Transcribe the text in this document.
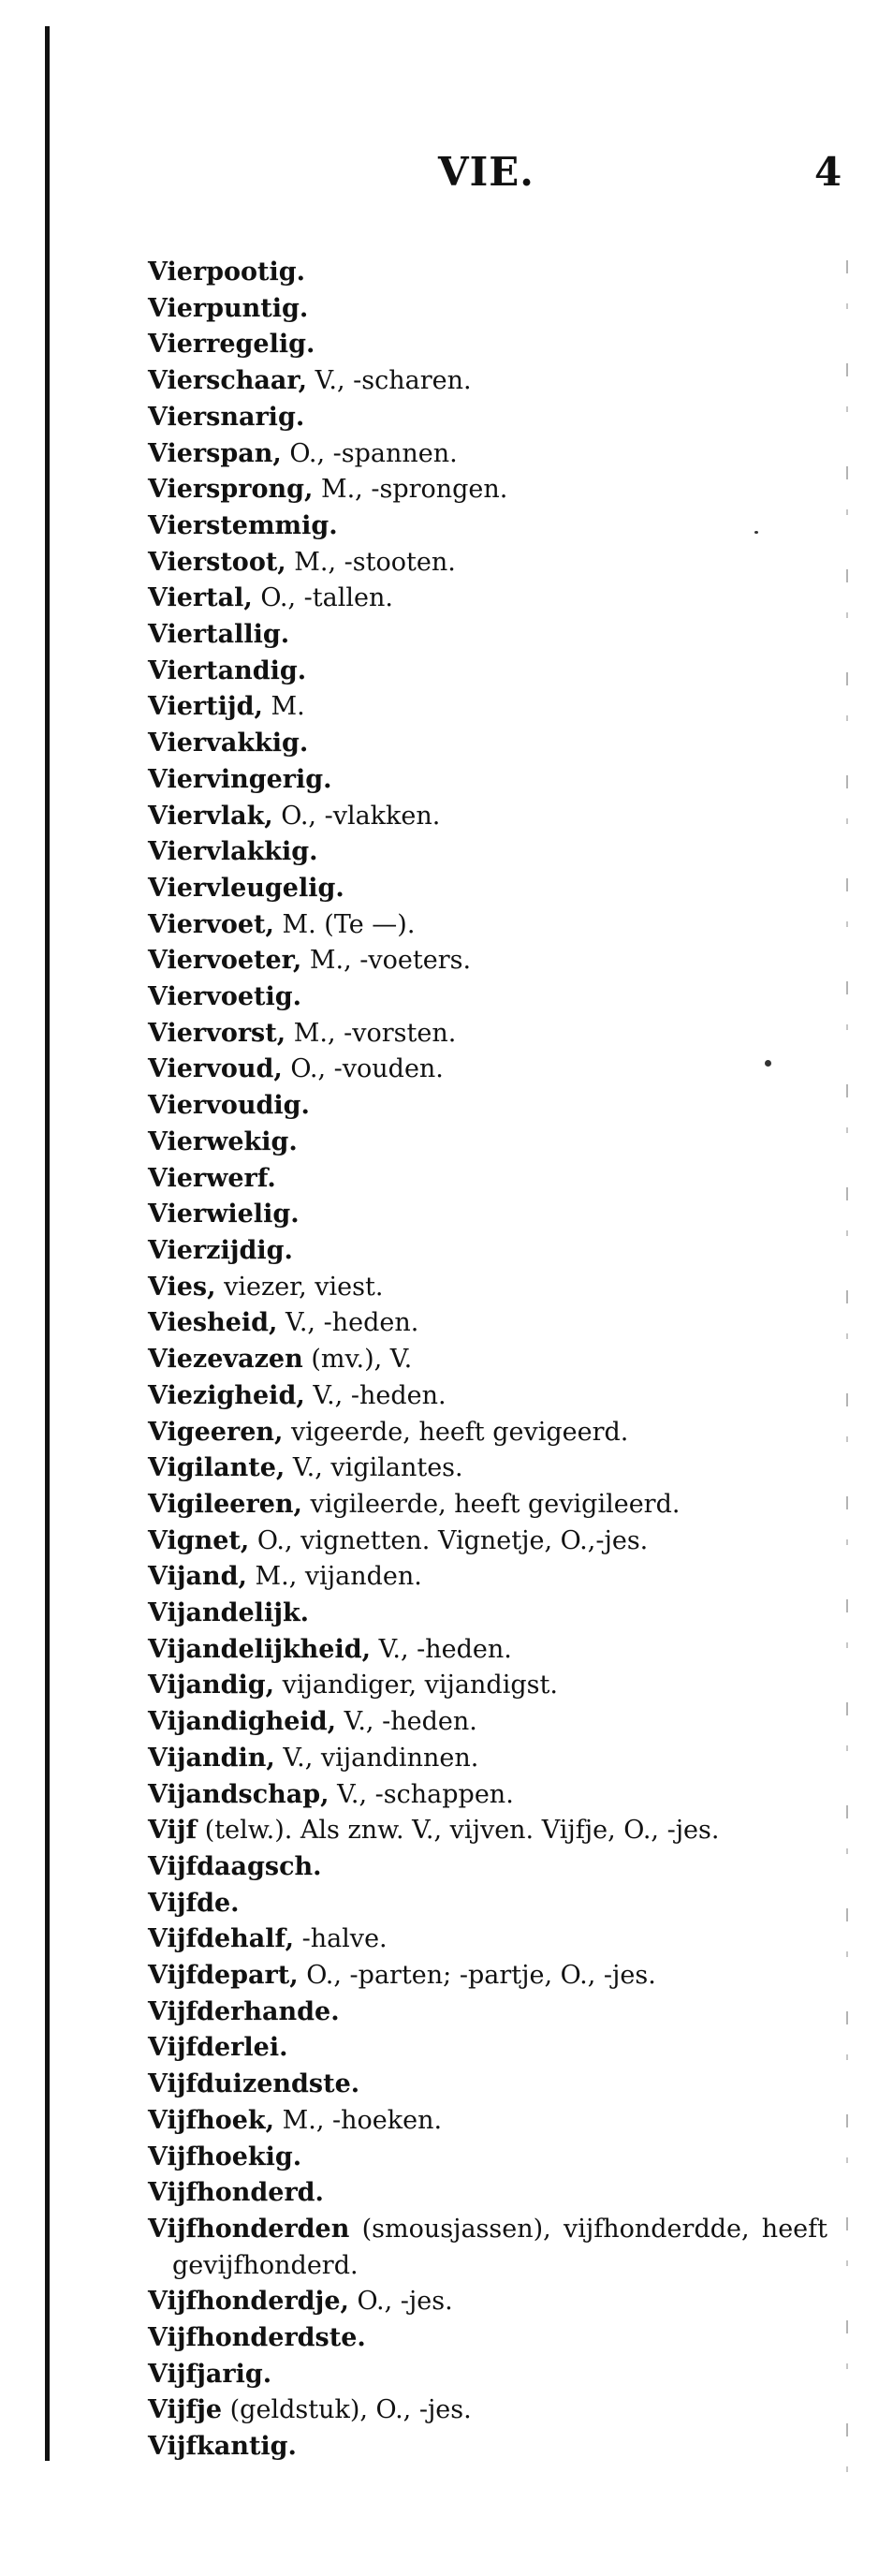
VIE.	4
Vierpootig.
Vierpuntig.
Vierregelig.
Vierschaar, V., -scharen.
Viersnarig.
Vierspan, O., -spannen.
Viersprong, M., -sprongen.
Vierstemmig.
Vierstoot, M., -stooten.
Viertal, O., -tallen.
Viertallig.
Viertandig.
Viertijd, M.
Viervakkig.
Viervingerig.
Viervlak, O., -vlakken.
Viervlakkig.
Viervleugelig.
Viervoet, M. (Te —).
Viervoeter, M., -voeters.
Viervoetig.
Viervorst, M., -vorsten.
Viervoud, O., -vouden.
Viervoudig.
Vierwekig.
Vierwerf.
Vierwielig.
Vierzijdig.
Vies, viezer, viest.
Viesheid, V., -heden.
Viezevazen (mv.), V.
Viezigheid, V., -heden.
Vigeeren, vigeerde, heeft gevigeerd.
Vigilante, V., vigilantes.
Vigileeren, vigileerde, heeft gevigileerd.
Vignet, O., vignetten. Vignetje, O.,-jes.
Vijand, M., vijanden.
Vijandelijk.
Vijandelijkheid, V., -heden.
Vijandig, vijandiger, vijandigst.
Vijandigheid, V., -heden.
Vijandin, V., vijandinnen.
Vijandschap, V., -schappen.
Vijf (telw.). Als znw. V., vijven. Vijfje, O., -jes.
Vijfdaagsch.
Vijfde.
Vijfdehalf, -halve.
Vijfdepart, O., -parten; -partje, O., -jes.
Vijfderhande.
Vijfderlei.
Vijfduizendste.
Vijfhoek, M., -hoeken.
Vijfhoekig.
Vijfhonderd.
Vijfhonderden (smousjassen), vijfhonderdde, heeft gevijfhonderd.
Vijfhonderdje, O., -jes.
Vijfhonderdste.
Vijfjarig.
Vijfje (geldstuk), O., -jes.
Vijfkantig.
